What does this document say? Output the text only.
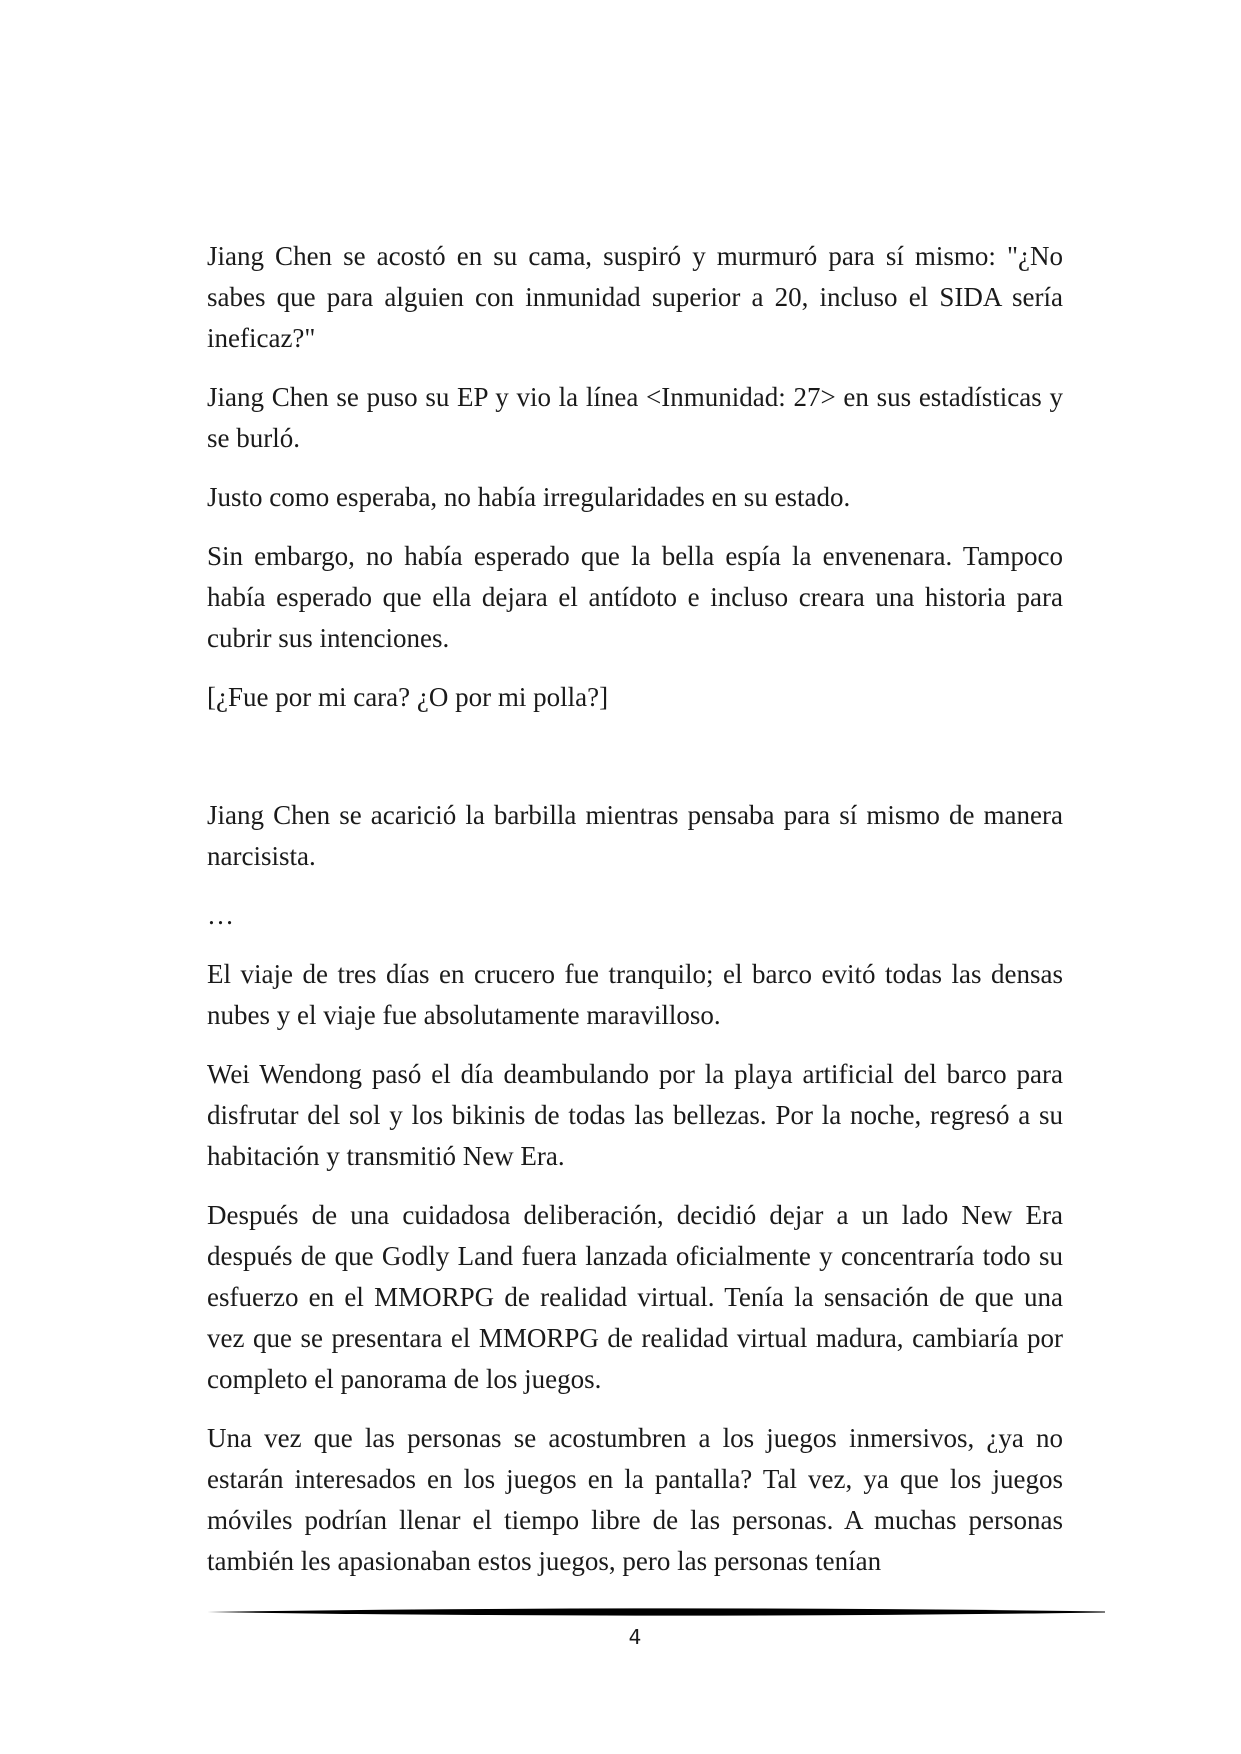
Jiang Chen se acostó en su cama, suspiró y murmuró para sí mismo: "¿No sabes que para alguien con inmunidad superior a 20, incluso el SIDA sería ineficaz?"

Jiang Chen se puso su EP y vio la línea <Inmunidad: 27> en sus estadísticas y se burló.

Justo como esperaba, no había irregularidades en su estado.

Sin embargo, no había esperado que la bella espía la envenenara. Tampoco había esperado que ella dejara el antídoto e incluso creara una historia para cubrir sus intenciones.

[¿Fue por mi cara? ¿O por mi polla?]

Jiang Chen se acarició la barbilla mientras pensaba para sí mismo de manera narcisista.

…

El viaje de tres días en crucero fue tranquilo; el barco evitó todas las densas nubes y el viaje fue absolutamente maravilloso.

Wei Wendong pasó el día deambulando por la playa artificial del barco para disfrutar del sol y los bikinis de todas las bellezas. Por la noche, regresó a su habitación y transmitió New Era.

Después de una cuidadosa deliberación, decidió dejar a un lado New Era después de que Godly Land fuera lanzada oficialmente y concentraría todo su esfuerzo en el MMORPG de realidad virtual. Tenía la sensación de que una vez que se presentara el MMORPG de realidad virtual madura, cambiaría por completo el panorama de los juegos.

Una vez que las personas se acostumbren a los juegos inmersivos, ¿ya no estarán interesados en los juegos en la pantalla? Tal vez, ya que los juegos móviles podrían llenar el tiempo libre de las personas. A muchas personas también les apasionaban estos juegos, pero las personas tenían

4
